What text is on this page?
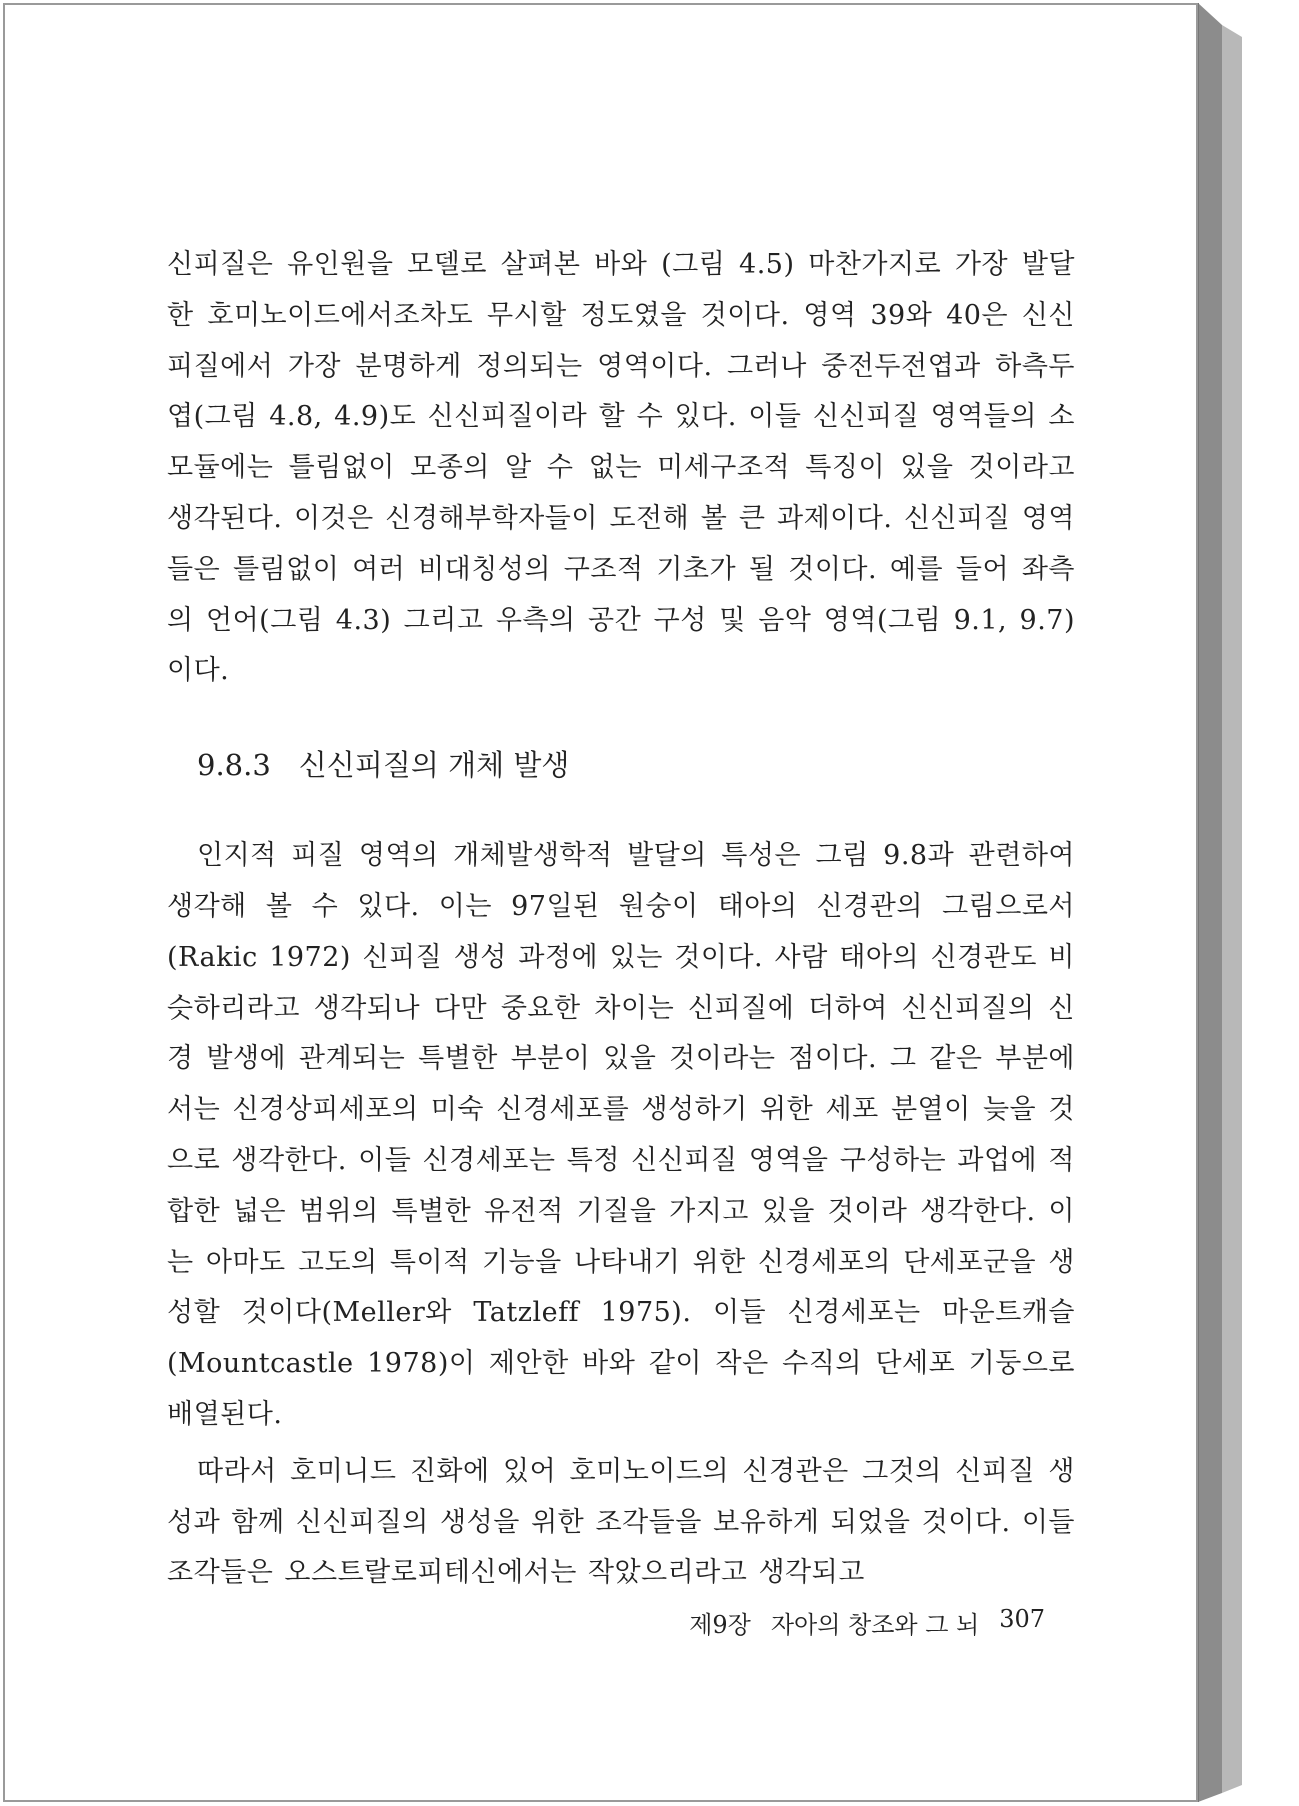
신피질은 유인원을 모델로 살펴본 바와 (그림 4.5) 마찬가지로 가장 발달한 호미노이드에서조차도 무시할 정도였을 것이다. 영역 39와 40은 신신피질에서 가장 분명하게 정의되는 영역이다. 그러나 중전두전엽과 하측두엽(그림 4.8, 4.9)도 신신피질이라 할 수 있다. 이들 신신피질 영역들의 소모듈에는 틀림없이 모종의 알 수 없는 미세구조적 특징이 있을 것이라고 생각된다. 이것은 신경해부학자들이 도전해 볼 큰 과제이다. 신신피질 영역들은 틀림없이 여러 비대칭성의 구조적 기초가 될 것이다. 예를 들어 좌측의 언어(그림 4.3) 그리고 우측의 공간 구성 및 음악 영역(그림 9.1, 9.7)이다.

9.8.3 신신피질의 개체 발생

인지적 피질 영역의 개체발생학적 발달의 특성은 그림 9.8과 관련하여 생각해 볼 수 있다. 이는 97일된 원숭이 태아의 신경관의 그림으로서(Rakic 1972) 신피질 생성 과정에 있는 것이다. 사람 태아의 신경관도 비슷하리라고 생각되나 다만 중요한 차이는 신피질에 더하여 신신피질의 신경 발생에 관계되는 특별한 부분이 있을 것이라는 점이다. 그 같은 부분에서는 신경상피세포의 미숙 신경세포를 생성하기 위한 세포 분열이 늦을 것으로 생각한다. 이들 신경세포는 특정 신신피질 영역을 구성하는 과업에 적합한 넓은 범위의 특별한 유전적 기질을 가지고 있을 것이라 생각한다. 이는 아마도 고도의 특이적 기능을 나타내기 위한 신경세포의 단세포군을 생성할 것이다(Meller와 Tatzleff 1975). 이들 신경세포는 마운트캐슬(Mountcastle 1978)이 제안한 바와 같이 작은 수직의 단세포 기둥으로 배열된다.

따라서 호미니드 진화에 있어 호미노이드의 신경관은 그것의 신피질 생성과 함께 신신피질의 생성을 위한 조각들을 보유하게 되었을 것이다. 이들 조각들은 오스트랄로피테신에서는 작았으리라고 생각되고

제9장 자아의 창조와 그 뇌 307
